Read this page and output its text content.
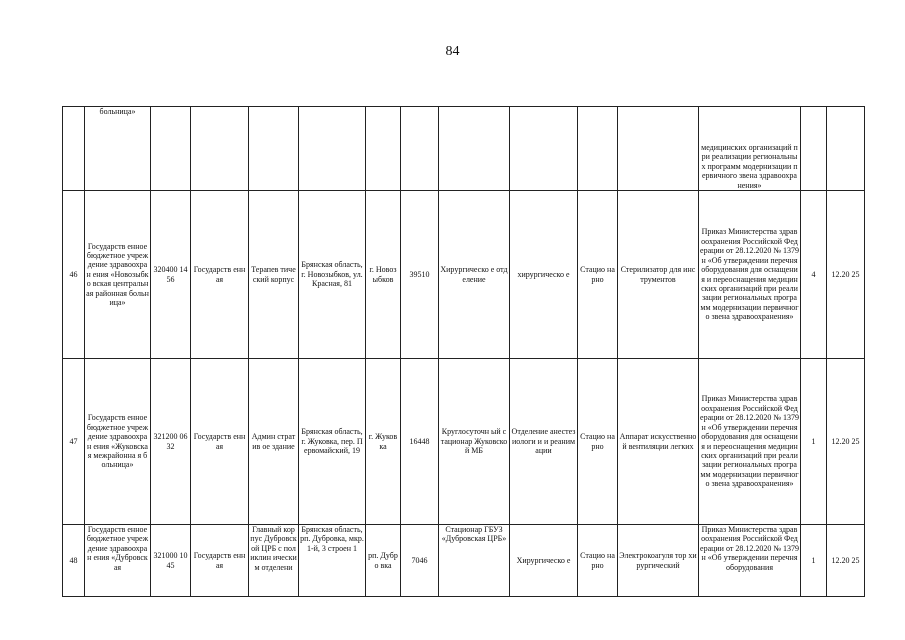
84
	больница»											медицинских организаций при реализации региональных программ модернизации первичного звена здравоохранения»		
46	Государств енное бюджетное учреждение здравоохран ения «Новозыбко вская центральная районная больница»	320400 1456	Государств енная	Терапев тический корпус	Брянская область, г. Новозыбков, ул. Красная, 81	г. Новоз ыбков	39510	Хирургическо е отделение	хирургическо е	Стацио нарно	Стерилизатор для инструментов	Приказ Министерства здравоохранения Российской Федерации от 28.12.2020 № 1379н «Об утверждении перечня оборудования для оснащения и переоснащения медицинских организаций при реализации региональных программ модернизации первичного звена здравоохранения»	4	12.20 25
47	Государств енное бюджетное учреждение здравоохран ения «Жуковская межрайонна я больница»	321200 0632	Государств енная	Админ стратив ое здание	Брянская область, г. Жуковка, пер. Первомайский, 19	г. Жуков ка	16448	Круглосуточн ый стационар Жуковской МБ	Отделение анестезиологи и и реанимации	Стацио нарно	Аппарат искусственной вентиляции легких	Приказ Министерства здравоохранения Российской Федерации от 28.12.2020 № 1379н «Об утверждении перечня оборудования для оснащения и переоснащения медицинских организаций при реализации региональных программ модернизации первичного звена здравоохранения»	1	12.20 25
48	Государств енное бюджетное учреждение здравоохран ения «Дубровская	321000 1045	Государств енная	Главный корпус Дубровск ой ЦРБ с поликлин ическим отделени	Брянская область, рп. Дубровка, мкр. 1-й, 3 строен 1	рп. Дубро вка	7046	Стационар ГБУЗ «Дубровская ЦРБ»	Хирургическо е	Стацио нарно	Электрокоагуля тор хирургический	Приказ Министерства здравоохранения Российской Федерации от 28.12.2020 № 1379н «Об утверждении перечня оборудования	1	12.20 25
